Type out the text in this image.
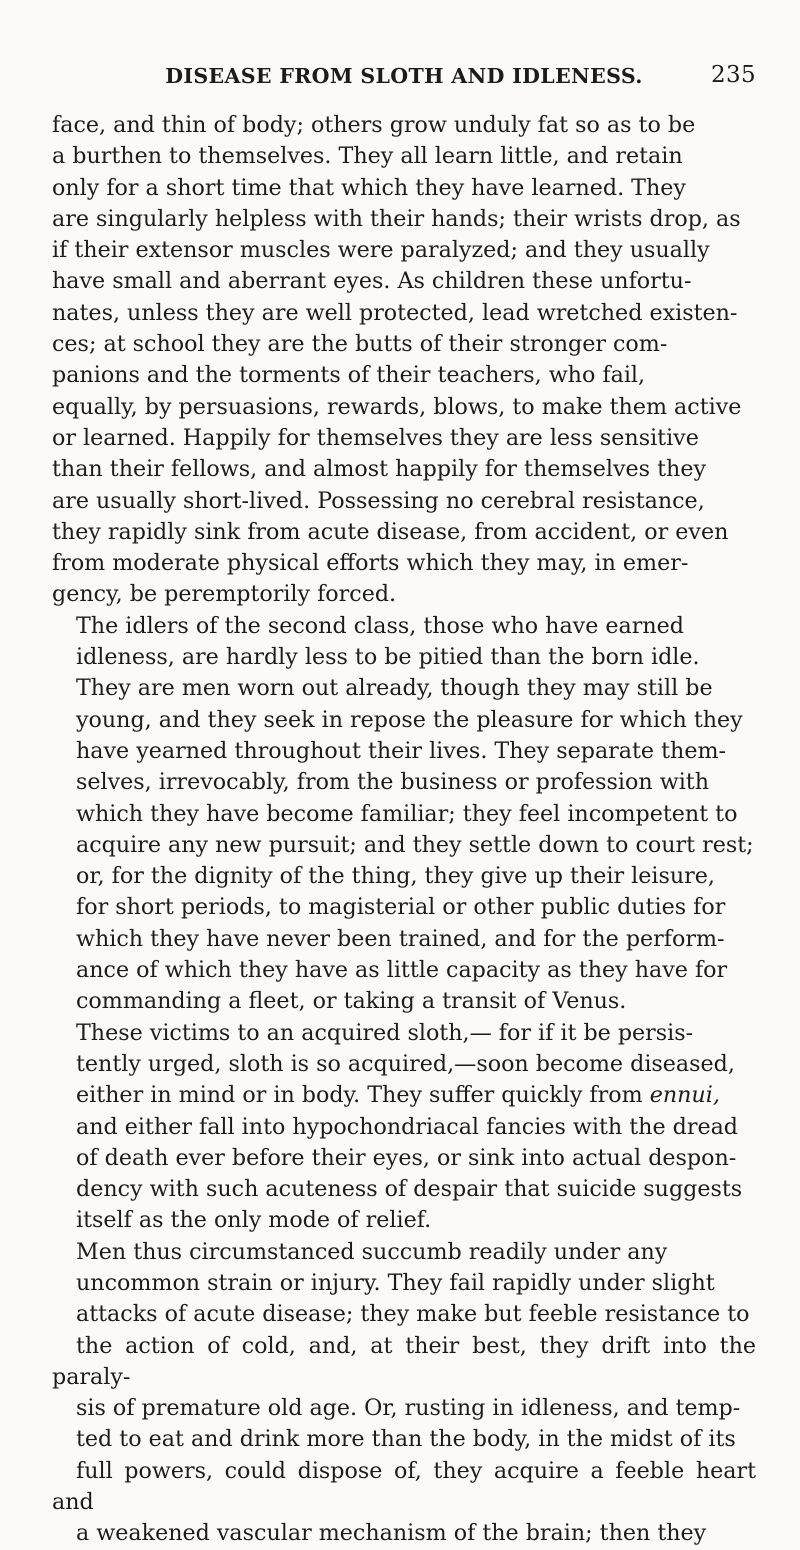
DISEASE FROM SLOTH AND IDLENESS.	235

face, and thin of body; others grow unduly fat so as to be
a burthen to themselves. They all learn little, and retain
only for a short time that which they have learned. They
are singularly helpless with their hands; their wrists drop, as
if their extensor muscles were paralyzed; and they usually
have small and aberrant eyes. As children these unfortu-
nates, unless they are well protected, lead wretched existen-
ces; at school they are the butts of their stronger com-
panions and the torments of their teachers, who fail,
equally, by persuasions, rewards, blows, to make them active
or learned. Happily for themselves they are less sensitive
than their fellows, and almost happily for themselves they
are usually short-lived. Possessing no cerebral resistance,
they rapidly sink from acute disease, from accident, or even
from moderate physical efforts which they may, in emer-
gency, be peremptorily forced.

The idlers of the second class, those who have earned
idleness, are hardly less to be pitied than the born idle.
They are men worn out already, though they may still be
young, and they seek in repose the pleasure for which they
have yearned throughout their lives. They separate them-
selves, irrevocably, from the business or profession with
which they have become familiar; they feel incompetent to
acquire any new pursuit; and they settle down to court rest;
or, for the dignity of the thing, they give up their leisure,
for short periods, to magisterial or other public duties for
which they have never been trained, and for the perform-
ance of which they have as little capacity as they have for
commanding a fleet, or taking a transit of Venus.

These victims to an acquired sloth,— for if it be persis-
tently urged, sloth is so acquired,—soon become diseased,
either in mind or in body. They suffer quickly from ennui,
and either fall into hypochondriacal fancies with the dread
of death ever before their eyes, or sink into actual despon-
dency with such acuteness of despair that suicide suggests
itself as the only mode of relief.

Men thus circumstanced succumb readily under any
uncommon strain or injury. They fail rapidly under slight
attacks of acute disease; they make but feeble resistance to
the action of cold, and, at their best, they drift into the paraly-
sis of premature old age. Or, rusting in idleness, and temp-
ted to eat and drink more than the body, in the midst of its
full powers, could dispose of, they acquire a feeble heart and
a weakened vascular mechanism of the brain; then they
